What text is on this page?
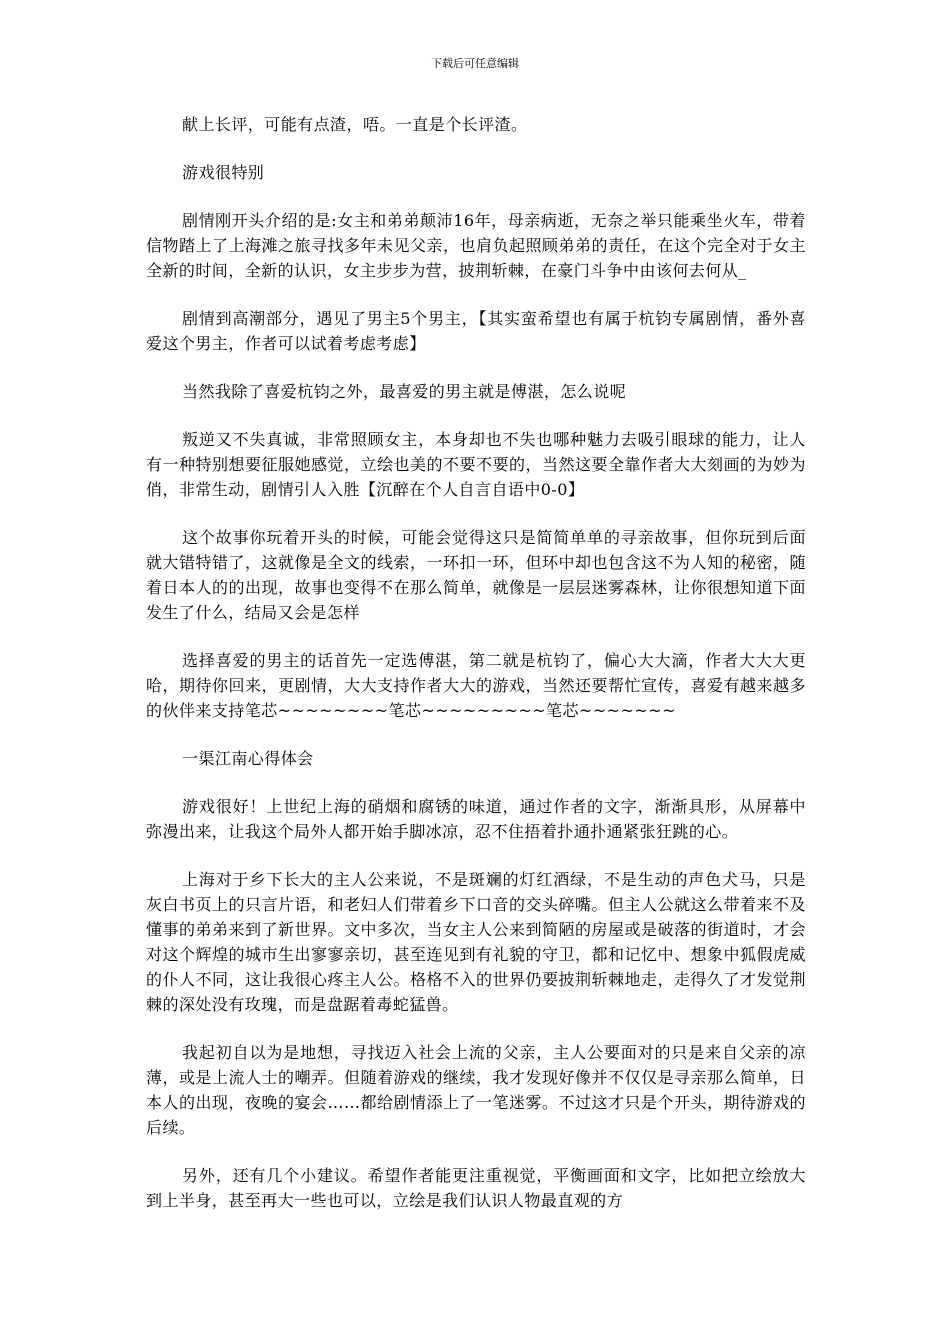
下载后可任意编辑

献上长评，可能有点渣，唔。一直是个长评渣。

游戏很特别

剧情刚开头介绍的是:女主和弟弟颠沛16年，母亲病逝，无奈之举只能乘坐火车，带着信物踏上了上海滩之旅寻找多年未见父亲，也肩负起照顾弟弟的责任，在这个完全对于女主全新的时间，全新的认识，女主步步为营，披荆斩棘，在豪门斗争中由该何去何从_

剧情到高潮部分，遇见了男主5个男主，【其实蛮希望也有属于杭钧专属剧情，番外喜爱这个男主，作者可以试着考虑考虑】

当然我除了喜爱杭钧之外，最喜爱的男主就是傅湛，怎么说呢

叛逆又不失真诚，非常照顾女主，本身却也不失也哪种魅力去吸引眼球的能力，让人有一种特别想要征服她感觉，立绘也美的不要不要的，当然这要全靠作者大大刻画的为妙为俏，非常生动，剧情引人入胜【沉醉在个人自言自语中0-0】

这个故事你玩着开头的时候，可能会觉得这只是简简单单的寻亲故事，但你玩到后面就大错特错了，这就像是全文的线索，一环扣一环，但环中却也包含这不为人知的秘密，随着日本人的的出现，故事也变得不在那么简单，就像是一层层迷雾森林，让你很想知道下面发生了什么，结局又会是怎样

选择喜爱的男主的话首先一定选傅湛，第二就是杭钧了，偏心大大滴，作者大大大更哈，期待你回来，更剧情，大大支持作者大大的游戏，当然还要帮忙宣传，喜爱有越来越多的伙伴来支持笔芯~~~~~~~~笔芯~~~~~~~~~笔芯~~~~~~~

一渠江南心得体会

游戏很好！上世纪上海的硝烟和腐锈的味道，通过作者的文字，渐渐具形，从屏幕中弥漫出来，让我这个局外人都开始手脚冰凉，忍不住捂着扑通扑通紧张狂跳的心。

上海对于乡下长大的主人公来说，不是斑斓的灯红酒绿，不是生动的声色犬马，只是灰白书页上的只言片语，和老妇人们带着乡下口音的交头碎嘴。但主人公就这么带着来不及懂事的弟弟来到了新世界。文中多次，当女主人公来到简陋的房屋或是破落的街道时，才会对这个辉煌的城市生出寥寥亲切，甚至连见到有礼貌的守卫，都和记忆中、想象中狐假虎威的仆人不同，这让我很心疼主人公。格格不入的世界仍要披荆斩棘地走，走得久了才发觉荆棘的深处没有玫瑰，而是盘踞着毒蛇猛兽。

我起初自以为是地想，寻找迈入社会上流的父亲，主人公要面对的只是来自父亲的凉薄，或是上流人士的嘲弄。但随着游戏的继续，我才发现好像并不仅仅是寻亲那么简单，日本人的出现，夜晚的宴会……都给剧情添上了一笔迷雾。不过这才只是个开头，期待游戏的后续。

另外，还有几个小建议。希望作者能更注重视觉，平衡画面和文字，比如把立绘放大到上半身，甚至再大一些也可以，立绘是我们认识人物最直观的方
